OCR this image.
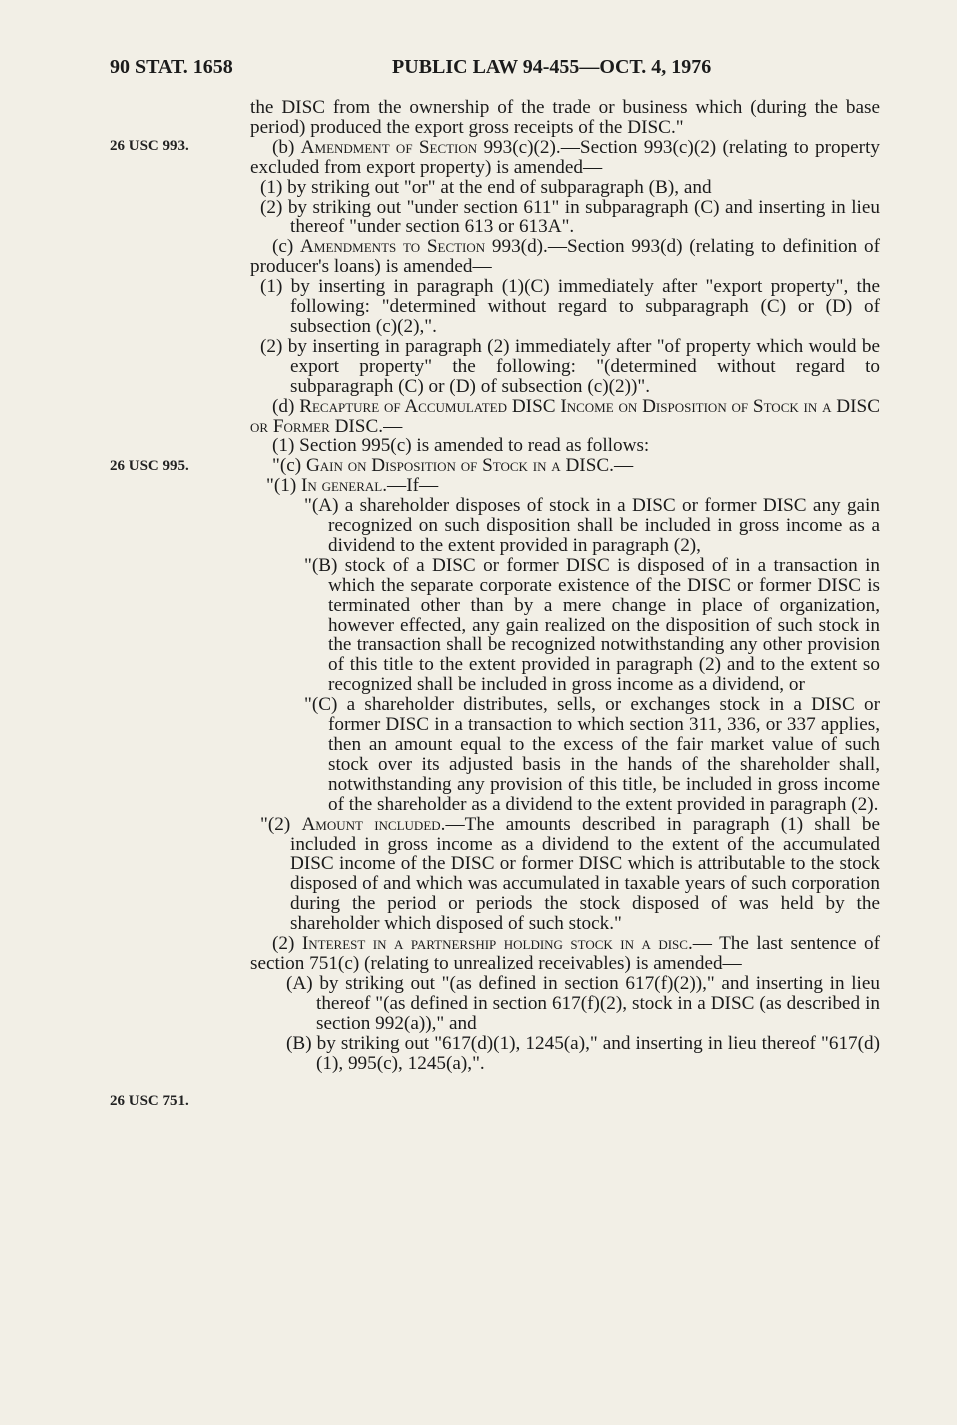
90 STAT. 1658	PUBLIC LAW 94-455—OCT. 4, 1976
26 USC 993.
26 USC 995.
26 USC 751.

the DISC from the ownership of the trade or business which (during the base period) produced the export gross receipts of the DISC."

(b) Amendment of Section 993(c)(2).—Section 993(c)(2) (relating to property excluded from export property) is amended—

(1) by striking out "or" at the end of subparagraph (B), and

(2) by striking out "under section 611" in subparagraph (C) and inserting in lieu thereof "under section 613 or 613A".

(c) Amendments to Section 993(d).—Section 993(d) (relating to definition of producer's loans) is amended—

(1) by inserting in paragraph (1)(C) immediately after "export property", the following: "determined without regard to subparagraph (C) or (D) of subsection (c)(2),".

(2) by inserting in paragraph (2) immediately after "of property which would be export property" the following: "(determined without regard to subparagraph (C) or (D) of subsection (c)(2))".

(d) Recapture of Accumulated DISC Income on Disposition of Stock in a DISC or Former DISC.—

(1) Section 995(c) is amended to read as follows:

"(c) Gain on Disposition of Stock in a DISC.—

"(1) In general.—If—

"(A) a shareholder disposes of stock in a DISC or former DISC any gain recognized on such disposition shall be included in gross income as a dividend to the extent provided in paragraph (2),

"(B) stock of a DISC or former DISC is disposed of in a transaction in which the separate corporate existence of the DISC or former DISC is terminated other than by a mere change in place of organization, however effected, any gain realized on the disposition of such stock in the transaction shall be recognized notwithstanding any other provision of this title to the extent provided in paragraph (2) and to the extent so recognized shall be included in gross income as a dividend, or

"(C) a shareholder distributes, sells, or exchanges stock in a DISC or former DISC in a transaction to which section 311, 336, or 337 applies, then an amount equal to the excess of the fair market value of such stock over its adjusted basis in the hands of the shareholder shall, notwithstanding any provision of this title, be included in gross income of the shareholder as a dividend to the extent provided in paragraph (2).

"(2) Amount included.—The amounts described in paragraph (1) shall be included in gross income as a dividend to the extent of the accumulated DISC income of the DISC or former DISC which is attributable to the stock disposed of and which was accumulated in taxable years of such corporation during the period or periods the stock disposed of was held by the shareholder which disposed of such stock."

(2) Interest in a partnership holding stock in a disc.— The last sentence of section 751(c) (relating to unrealized receivables) is amended—

(A) by striking out "(as defined in section 617(f)(2))," and inserting in lieu thereof "(as defined in section 617(f)(2), stock in a DISC (as described in section 992(a))," and

(B) by striking out "617(d)(1), 1245(a)," and inserting in lieu thereof "617(d)(1), 995(c), 1245(a),".
